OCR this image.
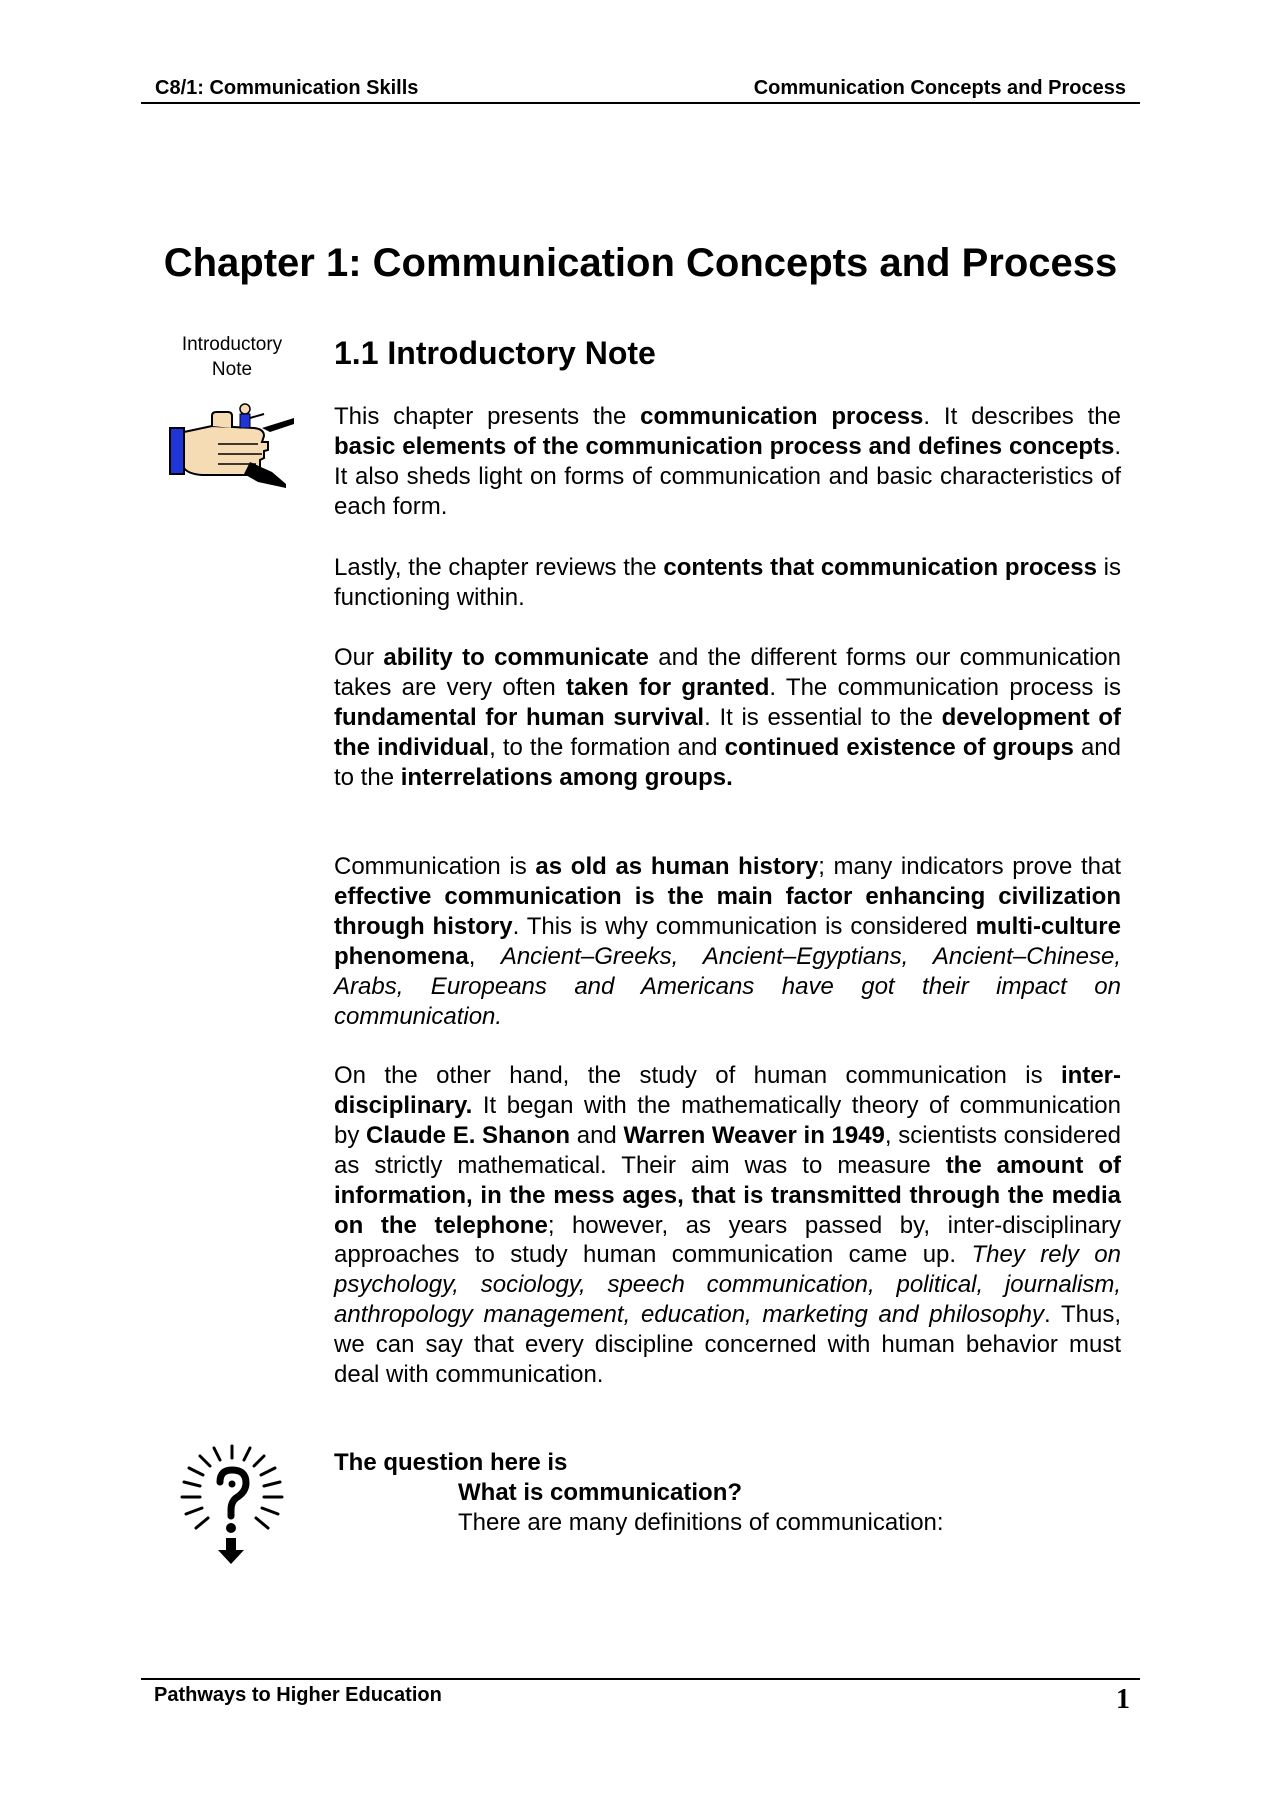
C8/1: Communication Skills	Communication Concepts and Process
Chapter 1: Communication Concepts and Process
Introductory
Note	1.1 Introductory Note
This chapter presents the communication process. It describes the basic elements of the communication process and defines concepts. It also sheds light on forms of communication and basic characteristics of each form.
Lastly, the chapter reviews the contents that communication process is functioning within.
Our ability to communicate and the different forms our communication takes are very often taken for granted. The communication process is fundamental for human survival. It is essential to the development of the individual, to the formation and continued existence of groups and to the interrelations among groups.
Communication is as old as human history; many indicators prove that effective communication is the main factor enhancing civilization through history. This is why communication is considered multi-culture phenomena, Ancient–Greeks, Ancient–Egyptians, Ancient–Chinese, Arabs, Europeans and Americans have got their impact on communication.
On the other hand, the study of human communication is inter-disciplinary. It began with the mathematically theory of communication by Claude E. Shanon and Warren Weaver in 1949, scientists considered as strictly mathematical. Their aim was to measure the amount of information, in the mess ages, that is transmitted through the media on the telephone; however, as years passed by, inter-disciplinary approaches to study human communication came up. They rely on psychology, sociology, speech communication, political, journalism, anthropology management, education, marketing and philosophy. Thus, we can say that every discipline concerned with human behavior must deal with communication.
The question here is
What is communication?
There are many definitions of communication:
Pathways to Higher Education	1
